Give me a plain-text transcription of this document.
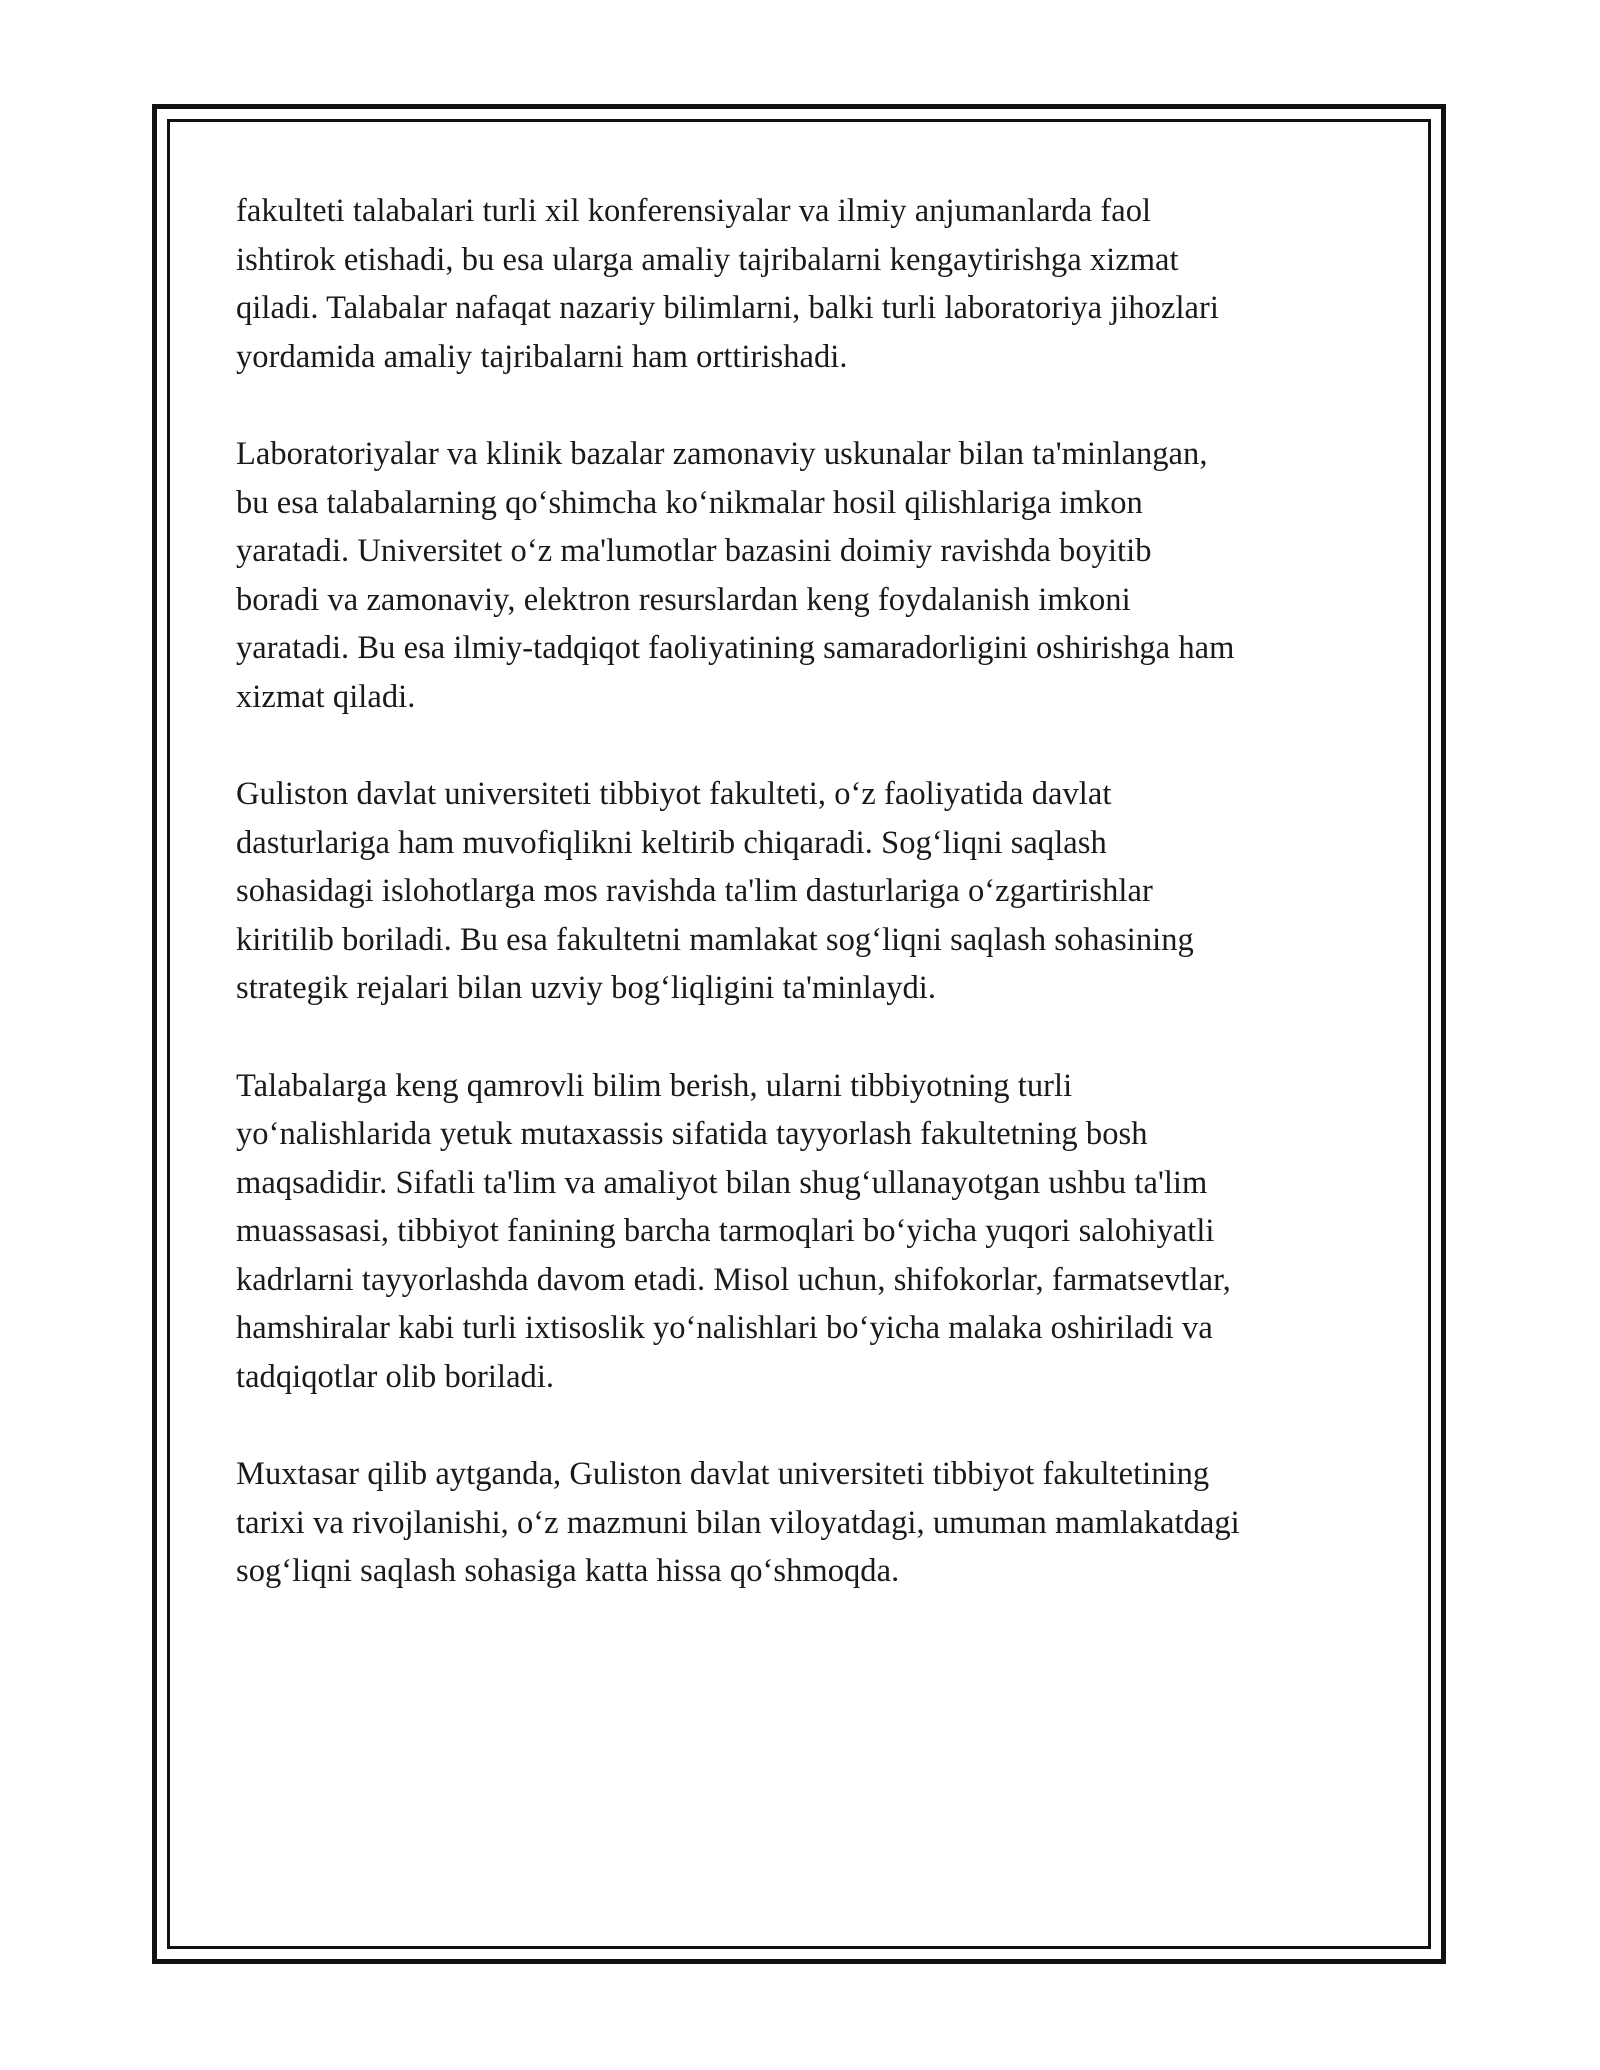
fakulteti talabalari turli xil konferensiyalar va ilmiy anjumanlarda faol
ishtirok etishadi, bu esa ularga amaliy tajribalarni kengaytirishga xizmat
qiladi. Talabalar nafaqat nazariy bilimlarni, balki turli laboratoriya jihozlari
yordamida amaliy tajribalarni ham orttirishadi.

Laboratoriyalar va klinik bazalar zamonaviy uskunalar bilan ta'minlangan,
bu esa talabalarning qo‘shimcha ko‘nikmalar hosil qilishlariga imkon
yaratadi. Universitet o‘z ma'lumotlar bazasini doimiy ravishda boyitib
boradi va zamonaviy, elektron resurslardan keng foydalanish imkoni
yaratadi. Bu esa ilmiy-tadqiqot faoliyatining samaradorligini oshirishga ham
xizmat qiladi.

Guliston davlat universiteti tibbiyot fakulteti, o‘z faoliyatida davlat
dasturlariga ham muvofiqlikni keltirib chiqaradi. Sog‘liqni saqlash
sohasidagi islohotlarga mos ravishda ta'lim dasturlariga o‘zgartirishlar
kiritilib boriladi. Bu esa fakultetni mamlakat sog‘liqni saqlash sohasining
strategik rejalari bilan uzviy bog‘liqligini ta'minlaydi.

Talabalarga keng qamrovli bilim berish, ularni tibbiyotning turli
yo‘nalishlarida yetuk mutaxassis sifatida tayyorlash fakultetning bosh
maqsadidir. Sifatli ta'lim va amaliyot bilan shug‘ullanayotgan ushbu ta'lim
muassasasi, tibbiyot fanining barcha tarmoqlari bo‘yicha yuqori salohiyatli
kadrlarni tayyorlashda davom etadi. Misol uchun, shifokorlar, farmatsevtlar,
hamshiralar kabi turli ixtisoslik yo‘nalishlari bo‘yicha malaka oshiriladi va
tadqiqotlar olib boriladi.

Muxtasar qilib aytganda, Guliston davlat universiteti tibbiyot fakultetining
tarixi va rivojlanishi, o‘z mazmuni bilan viloyatdagi, umuman mamlakatdagi
sog‘liqni saqlash sohasiga katta hissa qo‘shmoqda.
